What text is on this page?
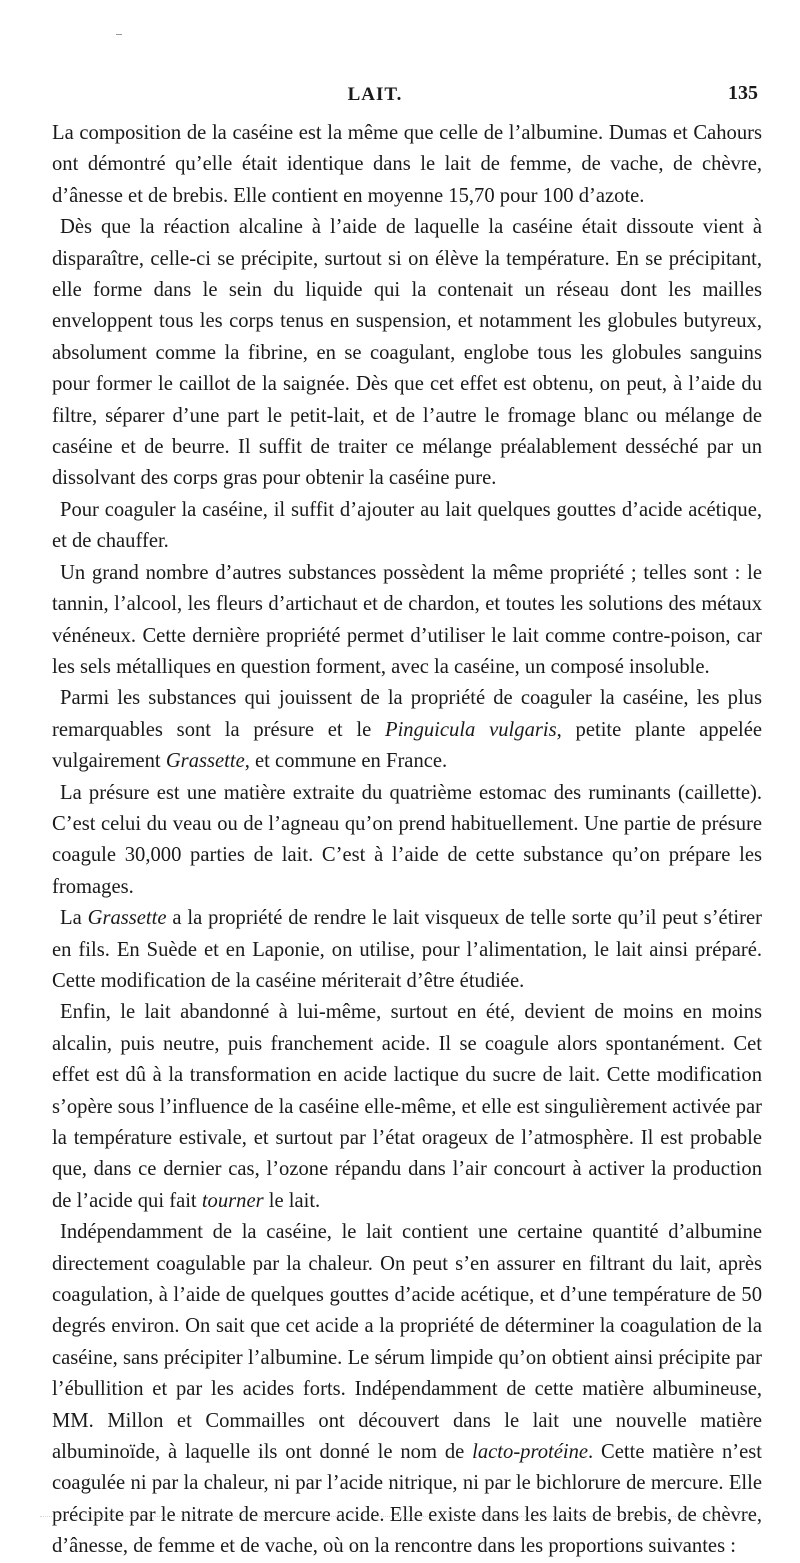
LAIT.	135

La composition de la caséine est la même que celle de l’albumine. Dumas et Cahours ont démontré qu’elle était identique dans le lait de femme, de vache, de chèvre, d’ânesse et de brebis. Elle contient en moyenne 15,70 pour 100 d’azote.

Dès que la réaction alcaline à l’aide de laquelle la caséine était dissoute vient à disparaître, celle-ci se précipite, surtout si on élève la température. En se précipitant, elle forme dans le sein du liquide qui la contenait un réseau dont les mailles enveloppent tous les corps tenus en suspension, et notamment les globules butyreux, absolument comme la fibrine, en se coagulant, englobe tous les globules sanguins pour former le caillot de la saignée. Dès que cet effet est obtenu, on peut, à l’aide du filtre, séparer d’une part le petit-lait, et de l’autre le fromage blanc ou mélange de caséine et de beurre. Il suffit de traiter ce mélange préalablement desséché par un dissolvant des corps gras pour obtenir la caséine pure.

Pour coaguler la caséine, il suffit d’ajouter au lait quelques gouttes d’acide acétique, et de chauffer.

Un grand nombre d’autres substances possèdent la même propriété ; telles sont : le tannin, l’alcool, les fleurs d’artichaut et de chardon, et toutes les solutions des métaux vénéneux. Cette dernière propriété permet d’utiliser le lait comme contre-poison, car les sels métalliques en question forment, avec la caséine, un composé insoluble.

Parmi les substances qui jouissent de la propriété de coaguler la caséine, les plus remarquables sont la présure et le Pinguicula vulgaris, petite plante appelée vulgairement Grassette, et commune en France.

La présure est une matière extraite du quatrième estomac des ruminants (caillette). C’est celui du veau ou de l’agneau qu’on prend habituellement. Une partie de présure coagule 30,000 parties de lait. C’est à l’aide de cette substance qu’on prépare les fromages.

La Grassette a la propriété de rendre le lait visqueux de telle sorte qu’il peut s’étirer en fils. En Suède et en Laponie, on utilise, pour l’alimentation, le lait ainsi préparé. Cette modification de la caséine mériterait d’être étudiée.

Enfin, le lait abandonné à lui-même, surtout en été, devient de moins en moins alcalin, puis neutre, puis franchement acide. Il se coagule alors spontanément. Cet effet est dû à la transformation en acide lactique du sucre de lait. Cette modification s’opère sous l’influence de la caséine elle-même, et elle est singulièrement activée par la température estivale, et surtout par l’état orageux de l’atmosphère. Il est probable que, dans ce dernier cas, l’ozone répandu dans l’air concourt à activer la production de l’acide qui fait tourner le lait.

Indépendamment de la caséine, le lait contient une certaine quantité d’albumine directement coagulable par la chaleur. On peut s’en assurer en filtrant du lait, après coagulation, à l’aide de quelques gouttes d’acide acétique, et d’une température de 50 degrés environ. On sait que cet acide a la propriété de déterminer la coagulation de la caséine, sans précipiter l’albumine. Le sérum limpide qu’on obtient ainsi précipite par l’ébullition et par les acides forts. Indépendamment de cette matière albumineuse, MM. Millon et Commailles ont découvert dans le lait une nouvelle matière albuminoïde, à laquelle ils ont donné le nom de lacto-protéine. Cette matière n’est coagulée ni par la chaleur, ni par l’acide nitrique, ni par le bichlorure de mercure. Elle précipite par le nitrate de mercure acide. Elle existe dans les laits de brebis, de chèvre, d’ânesse, de femme et de vache, où on la rencontre dans les proportions suivantes :
